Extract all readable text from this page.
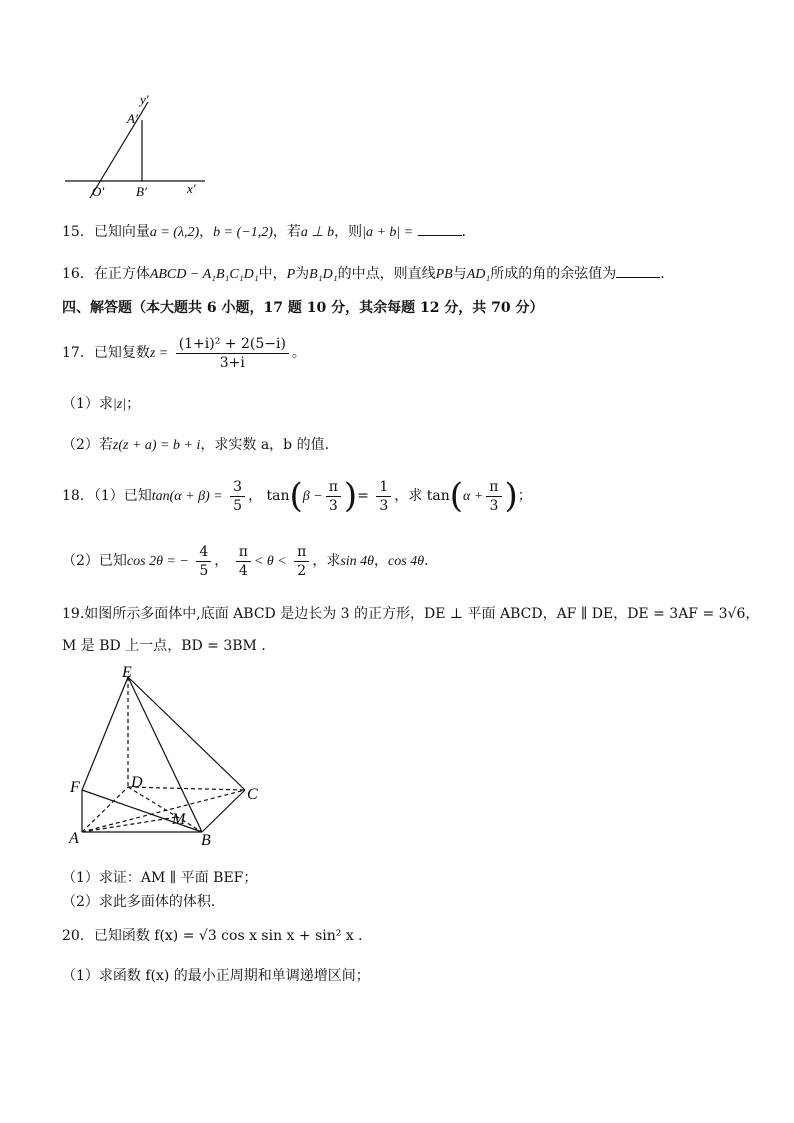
y′
x′
A′
O′ B′
15．已知向量a = (λ,2)，b = (−1,2)，若a ⊥ b，则|a + b| =	．
16．在正方体ABCD − A₁B₁C₁D₁中，P为B₁D₁的中点，则直线PB与AD₁所成的角的余弦值为	．
四、解答题（本大题共 6 小题，17 题 10 分，其余每题 12 分，共 70 分）
17．已知复数$z = \frac{\text{(1+i)² + 2(5−i)}}{3+i}$ 。
（1）求|z|；
（2）若z(z + a) = b + i，求实数 a，b 的值.
18．（1）已知$\tan(\alpha + \beta) = \frac{3}{5}$ ， $\tan(\beta - \frac{\pi}{3}$ )= $\frac{1}{3}$ ，求 $\tan(\alpha + \frac{\pi}{3}$ )；
（2）已知cos 2θ = − $\frac{4}{5}$ ， $\frac{\pi}{4} < \theta < \frac{\pi}{2}$ ，求sin 4θ，cos 4θ．
19.如图所示多面体中,底面 ABCD 是边长为 3 的正方形，DE ⊥ 平面 ABCD，AF ∥ DE，DE = 3AF = 3√6，
M 是 BD 上一点，BD = 3BM ．
E
F	D
C
M
A	B
（1）求证：AM ∥ 平面 BEF；
（2）求此多面体的体积．
20．已知函数 f(x) = √3 cos x sin x + sin² x ．
（1）求函数 f(x) 的最小正周期和单调递增区间；
